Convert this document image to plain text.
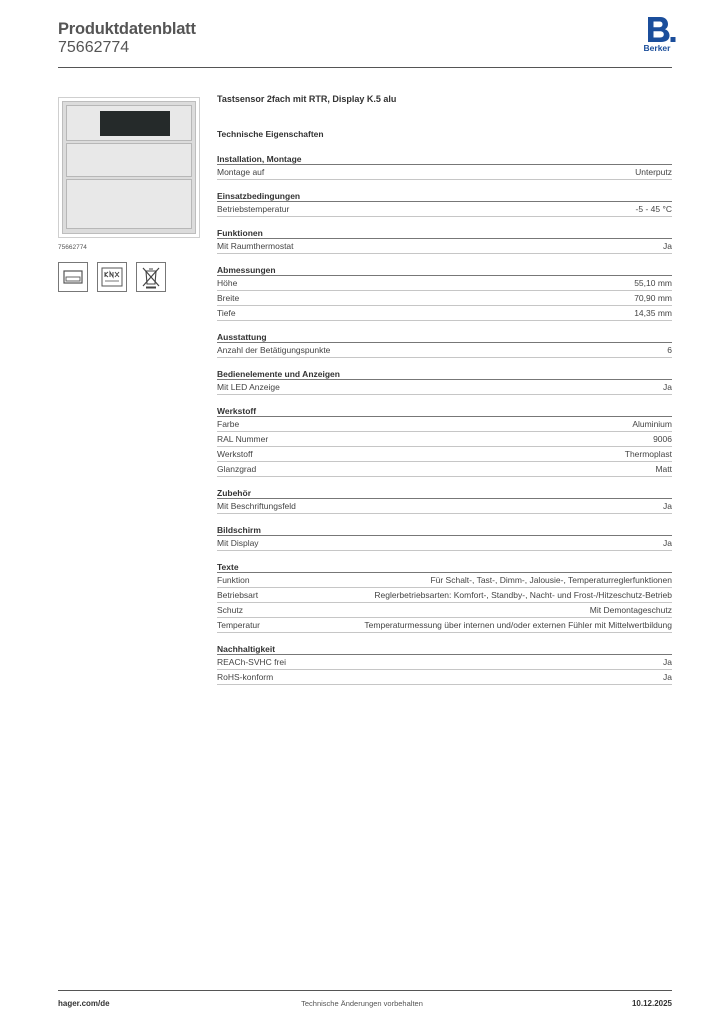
Produktdatenblatt
75662774	Berker
75662774
Tastsensor 2fach mit RTR, Display K.5 alu
Technische Eigenschaften
Installation, Montage
Montage auf	Unterputz
Einsatzbedingungen
Betriebstemperatur	-5 - 45 °C
Funktionen
Mit Raumthermostat	Ja
Abmessungen
Höhe	55,10 mm
Breite	70,90 mm
Tiefe	14,35 mm
Ausstattung
Anzahl der Betätigungspunkte	6
Bedienelemente und Anzeigen
Mit LED Anzeige	Ja
Werkstoff
Farbe	Aluminium
RAL Nummer	9006
Werkstoff	Thermoplast
Glanzgrad	Matt
Zubehör
Mit Beschriftungsfeld	Ja
Bildschirm
Mit Display	Ja
Texte
Funktion	Für Schalt-, Tast-, Dimm-, Jalousie-, Temperaturreglerfunktionen
Betriebsart	Reglerbetriebsarten: Komfort-, Standby-, Nacht- und Frost-/Hitzeschutz-Betrieb
Schutz	Mit Demontageschutz
Temperatur	Temperaturmessung über internen und/oder externen Fühler mit Mittelwertbildung
Nachhaltigkeit
REACh-SVHC frei	Ja
RoHS-konform	Ja
hager.com/de	Technische Änderungen vorbehalten	10.12.2025
